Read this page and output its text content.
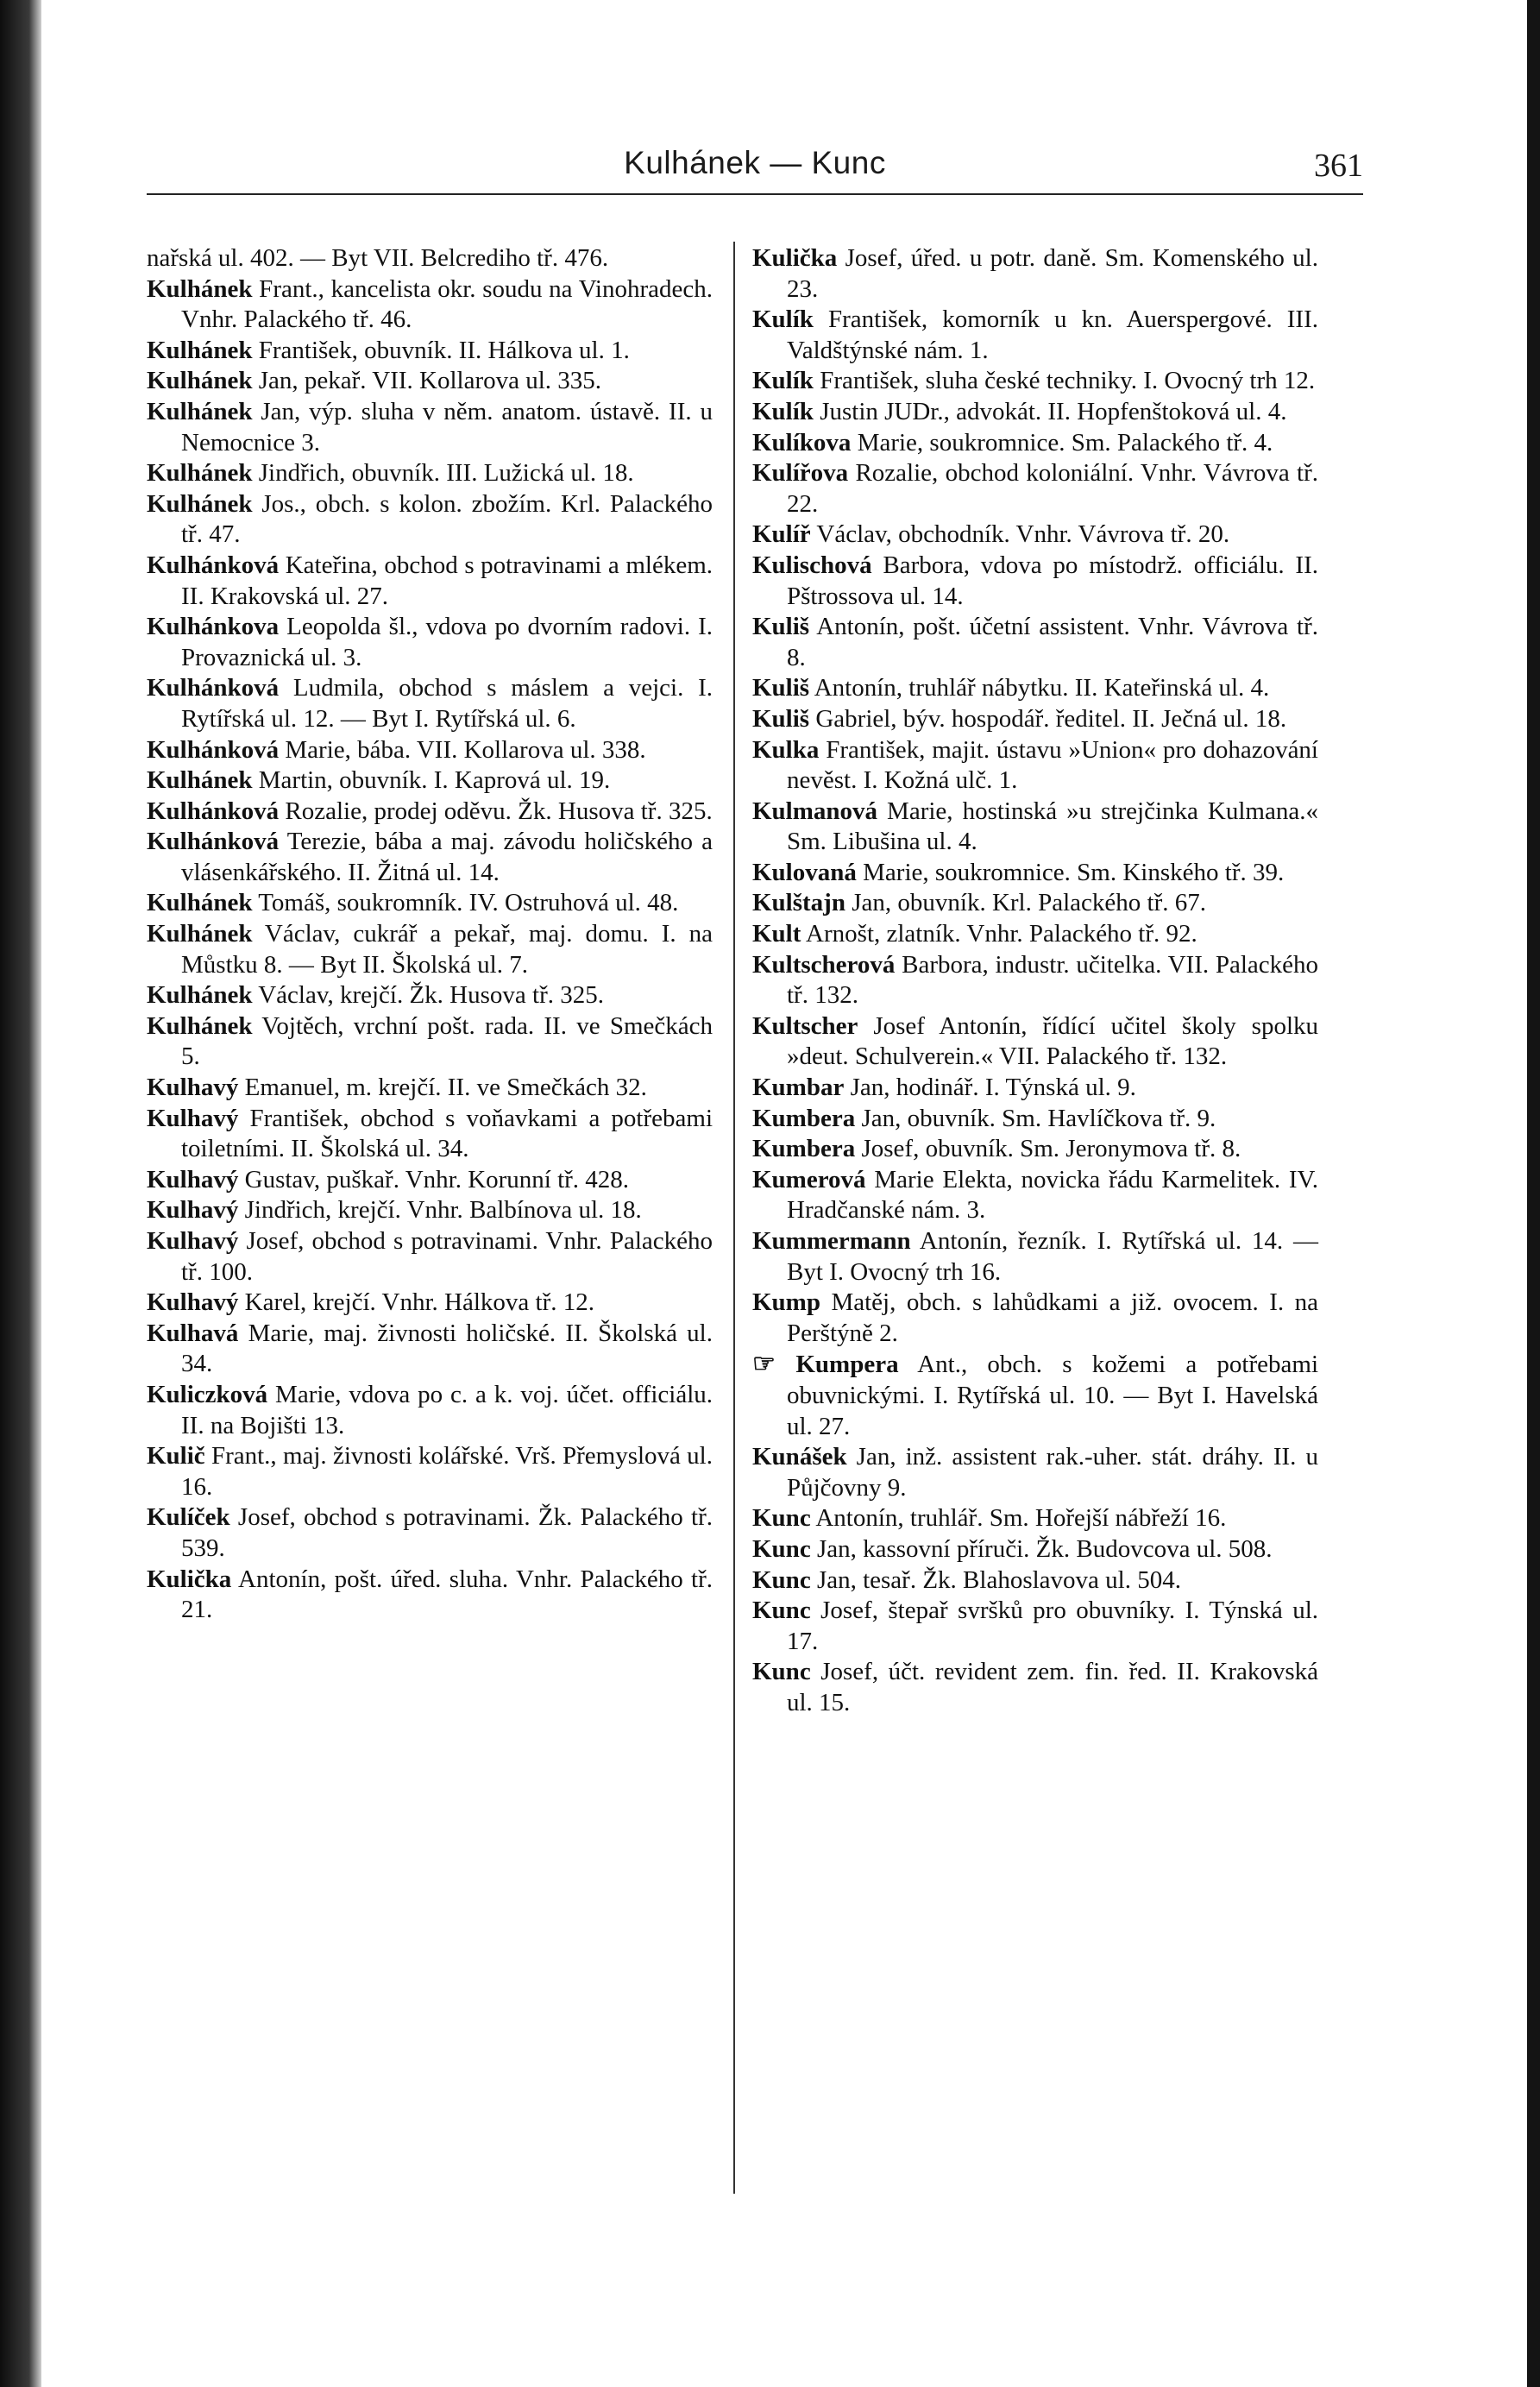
Kulhánek — Kunc	361
nařská ul. 402. — Byt VII. Belcrediho tř. 476.
Kulhánek Frant., kancelista okr. soudu na Vinohradech. Vnhr. Palackého tř. 46.
Kulhánek František, obuvník. II. Hálkova ul. 1.
Kulhánek Jan, pekař. VII. Kollarova ul. 335.
Kulhánek Jan, výp. sluha v něm. anatom. ústavě. II. u Nemocnice 3.
Kulhánek Jindřich, obuvník. III. Lužická ul. 18.
Kulhánek Jos., obch. s kolon. zbožím. Krl. Palackého tř. 47.
Kulhánková Kateřina, obchod s potravinami a mlékem. II. Krakovská ul. 27.
Kulhánkova Leopolda šl., vdova po dvorním radovi. I. Provaznická ul. 3.
Kulhánková Ludmila, obchod s máslem a vejci. I. Rytířská ul. 12. — Byt I. Rytířská ul. 6.
Kulhánková Marie, bába. VII. Kollarova ul. 338.
Kulhánek Martin, obuvník. I. Kaprová ul. 19.
Kulhánková Rozalie, prodej oděvu. Žk. Husova tř. 325.
Kulhánková Terezie, bába a maj. závodu holičského a vlásenkářského. II. Žitná ul. 14.
Kulhánek Tomáš, soukromník. IV. Ostruhová ul. 48.
Kulhánek Václav, cukrář a pekař, maj. domu. I. na Můstku 8. — Byt II. Školská ul. 7.
Kulhánek Václav, krejčí. Žk. Husova tř. 325.
Kulhánek Vojtěch, vrchní pošt. rada. II. ve Smečkách 5.
Kulhavý Emanuel, m. krejčí. II. ve Smečkách 32.
Kulhavý František, obchod s voňavkami a potřebami toiletními. II. Školská ul. 34.
Kulhavý Gustav, puškař. Vnhr. Korunní tř. 428.
Kulhavý Jindřich, krejčí. Vnhr. Balbínova ul. 18.
Kulhavý Josef, obchod s potravinami. Vnhr. Palackého tř. 100.
Kulhavý Karel, krejčí. Vnhr. Hálkova tř. 12.
Kulhavá Marie, maj. živnosti holičské. II. Školská ul. 34.
Kuliczková Marie, vdova po c. a k. voj. účet. officiálu. II. na Bojišti 13.
Kulič Frant., maj. živnosti kolářské. Vrš. Přemyslová ul. 16.
Kulíček Josef, obchod s potravinami. Žk. Palackého tř. 539.
Kulička Antonín, pošt. úřed. sluha. Vnhr. Palackého tř. 21.
Kulička Josef, úřed. u potr. daně. Sm. Komenského ul. 23.
Kulík František, komorník u kn. Auerspergové. III. Valdštýnské nám. 1.
Kulík František, sluha české techniky. I. Ovocný trh 12.
Kulík Justin JUDr., advokát. II. Hopfenštoková ul. 4.
Kulíkova Marie, soukromnice. Sm. Palackého tř. 4.
Kulířova Rozalie, obchod koloniální. Vnhr. Vávrova tř. 22.
Kulíř Václav, obchodník. Vnhr. Vávrova tř. 20.
Kulischová Barbora, vdova po místodrž. officiálu. II. Pštrossova ul. 14.
Kuliš Antonín, pošt. účetní assistent. Vnhr. Vávrova tř. 8.
Kuliš Antonín, truhlář nábytku. II. Kateřinská ul. 4.
Kuliš Gabriel, býv. hospodář. ředitel. II. Ječná ul. 18.
Kulka František, majit. ústavu »Union« pro dohazování nevěst. I. Kožná ulč. 1.
Kulmanová Marie, hostinská »u strejčinka Kulmana.« Sm. Libušina ul. 4.
Kulovaná Marie, soukromnice. Sm. Kinského tř. 39.
Kulštajn Jan, obuvník. Krl. Palackého tř. 67.
Kult Arnošt, zlatník. Vnhr. Palackého tř. 92.
Kultscherová Barbora, industr. učitelka. VII. Palackého tř. 132.
Kultscher Josef Antonín, řídící učitel školy spolku »deut. Schulverein.« VII. Palackého tř. 132.
Kumbar Jan, hodinář. I. Týnská ul. 9.
Kumbera Jan, obuvník. Sm. Havlíčkova tř. 9.
Kumbera Josef, obuvník. Sm. Jeronymova tř. 8.
Kumerová Marie Elekta, novicka řádu Karmelitek. IV. Hradčanské nám. 3.
Kummermann Antonín, řezník. I. Rytířská ul. 14. — Byt I. Ovocný trh 16.
Kump Matěj, obch. s lahůdkami a již. ovocem. I. na Perštýně 2.
☞ Kumpera Ant., obch. s kožemi a potřebami obuvnickými. I. Rytířská ul. 10. — Byt I. Havelská ul. 27.
Kunášek Jan, inž. assistent rak.-uher. stát. dráhy. II. u Půjčovny 9.
Kunc Antonín, truhlář. Sm. Hořejší nábřeží 16.
Kunc Jan, kassovní příruči. Žk. Budovcova ul. 508.
Kunc Jan, tesař. Žk. Blahoslavova ul. 504.
Kunc Josef, štepař svršků pro obuvníky. I. Týnská ul. 17.
Kunc Josef, účt. revident zem. fin. řed. II. Krakovská ul. 15.
